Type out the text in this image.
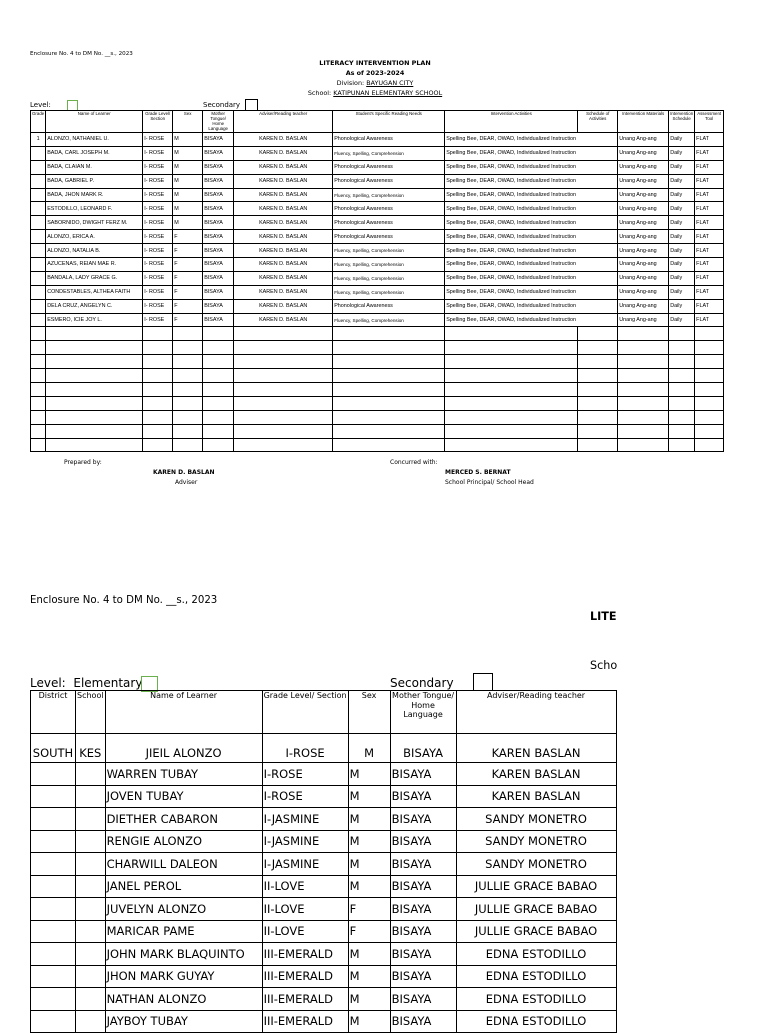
Enclosure No. 4 to DM No. __s., 2023
LITERACY INTERVENTION PLAN
As of 2023-2024
Division: BAYUGAN CITY
School: KATIPUNAN ELEMENTARY SCHOOL
Level:	Secondary
Grade	Name of Learner	Grade Level/ Section	Sex	Mother Tongue/ Home Language	Adviser/Reading teacher	Student's Specific Reading Needs	Intervention Activities	Schedule of Activities	Intervention Materials	Intervention Schedule	Assessment Tool
1	ALONZO, NATHANIEL U.	I- ROSE	M	BISAYA	KAREN D. BASLAN	Phonological Awareness	Spelling Bee, DEAR, OWAD, Individualized Instruction		Unang Ang-ang	Daily	FLAT
	BADA, CARL JOSEPH M.	I- ROSE	M	BISAYA	KAREN D. BASLAN	Fluency, Spelling, Comprehension	Spelling Bee, DEAR, OWAD, Individualized Instruction		Unang Ang-ang	Daily	FLAT
	BADA, CLAIAN M.	I- ROSE	M	BISAYA	KAREN D. BASLAN	Phonological Awareness	Spelling Bee, DEAR, OWAD, Individualized Instruction		Unang Ang-ang	Daily	FLAT
	BADA, GABRIEL P.	I- ROSE	M	BISAYA	KAREN D. BASLAN	Phonological Awareness	Spelling Bee, DEAR, OWAD, Individualized Instruction		Unang Ang-ang	Daily	FLAT
	BADA, JHON MARK R.	I- ROSE	M	BISAYA	KAREN D. BASLAN	Fluency, Spelling, Comprehension	Spelling Bee, DEAR, OWAD, Individualized Instruction		Unang Ang-ang	Daily	FLAT
	ESTODILLO, LEONARD F.	I- ROSE	M	BISAYA	KAREN D. BASLAN	Phonological Awareness	Spelling Bee, DEAR, OWAD, Individualized Instruction		Unang Ang-ang	Daily	FLAT
	SABORNIDO, DWIGHT FERZ M.	I- ROSE	M	BISAYA	KAREN D. BASLAN	Phonological Awareness	Spelling Bee, DEAR, OWAD, Individualized Instruction		Unang Ang-ang	Daily	FLAT
	ALONZO, ERICA A.	I- ROSE	F	BISAYA	KAREN D. BASLAN	Phonological Awareness	Spelling Bee, DEAR, OWAD, Individualized Instruction		Unang Ang-ang	Daily	FLAT
	ALONZO, NATALIA B.	I- ROSE	F	BISAYA	KAREN D. BASLAN	Fluency, Spelling, Comprehension	Spelling Bee, DEAR, OWAD, Individualized Instruction		Unang Ang-ang	Daily	FLAT
	AZUCENAS, REIAN MAE R.	I- ROSE	F	BISAYA	KAREN D. BASLAN	Fluency, Spelling, Comprehension	Spelling Bee, DEAR, OWAD, Individualized Instruction		Unang Ang-ang	Daily	FLAT
	BANDALA, LADY GRACE G.	I- ROSE	F	BISAYA	KAREN D. BASLAN	Fluency, Spelling, Comprehension	Spelling Bee, DEAR, OWAD, Individualized Instruction		Unang Ang-ang	Daily	FLAT
	CONDESTABLES, ALTHEA FAITH	I- ROSE	F	BISAYA	KAREN D. BASLAN	Fluency, Spelling, Comprehension	Spelling Bee, DEAR, OWAD, Individualized Instruction		Unang Ang-ang	Daily	FLAT
	DELA CRUZ, ANGELYN C.	I- ROSE	F	BISAYA	KAREN D. BASLAN	Phonological Awareness	Spelling Bee, DEAR, OWAD, Individualized Instruction		Unang Ang-ang	Daily	FLAT
	ESMERO, ICIE JOY L.	I- ROSE	F	BISAYA	KAREN D. BASLAN	Fluency, Spelling, Comprehension	Spelling Bee, DEAR, OWAD, Individualized Instruction		Unang Ang-ang	Daily	FLAT

Prepared by:
KAREN D. BASLAN
Adviser
Concurred with:
MERCED S. BERNAT
School Principal/ School Head
Enclosure No. 4 to DM No. __s., 2023
LITE
Scho
Level: Elementary	Secondary
District	School	Name of Learner	Grade Level/ Section	Sex	Mother Tongue/ Home Language	Adviser/Reading teacher
SOUTH	KES	JIEIL ALONZO	I-ROSE	M	BISAYA	KAREN BASLAN
		WARREN TUBAY	I-ROSE	M	BISAYA	KAREN BASLAN
		JOVEN TUBAY	I-ROSE	M	BISAYA	KAREN BASLAN
		DIETHER CABARON	I-JASMINE	M	BISAYA	SANDY MONETRO
		RENGIE ALONZO	I-JASMINE	M	BISAYA	SANDY MONETRO
		CHARWILL DALEON	I-JASMINE	M	BISAYA	SANDY MONETRO
		JANEL PEROL	II-LOVE	M	BISAYA	JULLIE GRACE BABAO
		JUVELYN ALONZO	II-LOVE	F	BISAYA	JULLIE GRACE BABAO
		MARICAR PAME	II-LOVE	F	BISAYA	JULLIE GRACE BABAO
		JOHN MARK BLAQUINTO	III-EMERALD	M	BISAYA	EDNA ESTODILLO
		JHON MARK GUYAY	III-EMERALD	M	BISAYA	EDNA ESTODILLO
		NATHAN ALONZO	III-EMERALD	M	BISAYA	EDNA ESTODILLO
		JAYBOY TUBAY	III-EMERALD	M	BISAYA	EDNA ESTODILLO
